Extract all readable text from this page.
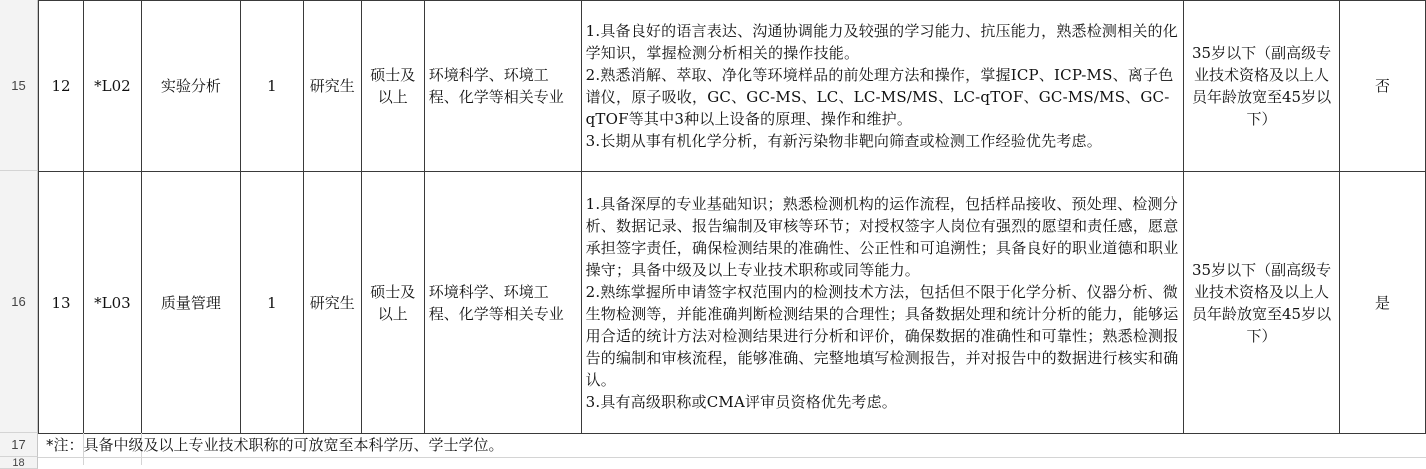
15
16
17
18
12	*L02	实验分析	1	研究生	硕士及以上	环境科学、环境工程、化学等相关专业	1.具备良好的语言表达、沟通协调能力及较强的学习能力、抗压能力，熟悉检测相关的化学知识，掌握检测分析相关的操作技能。
2.熟悉消解、萃取、净化等环境样品的前处理方法和操作，掌握ICP、ICP-MS、离子色谱仪，原子吸收，GC、GC-MS、LC、LC-MS/MS、LC-qTOF、GC-MS/MS、GC-qTOF等其中3种以上设备的原理、操作和维护。
3.长期从事有机化学分析，有新污染物非靶向筛查或检测工作经验优先考虑。	35岁以下（副高级专业技术资格及以上人员年龄放宽至45岁以下）	否
13	*L03	质量管理	1	研究生	硕士及以上	环境科学、环境工程、化学等相关专业	1.具备深厚的专业基础知识；熟悉检测机构的运作流程，包括样品接收、预处理、检测分析、数据记录、报告编制及审核等环节；对授权签字人岗位有强烈的愿望和责任感，愿意承担签字责任，确保检测结果的准确性、公正性和可追溯性；具备良好的职业道德和职业操守；具备中级及以上专业技术职称或同等能力。
2.熟练掌握所申请签字权范围内的检测技术方法，包括但不限于化学分析、仪器分析、微生物检测等，并能准确判断检测结果的合理性；具备数据处理和统计分析的能力，能够运用合适的统计方法对检测结果进行分析和评价，确保数据的准确性和可靠性；熟悉检测报告的编制和审核流程，能够准确、完整地填写检测报告，并对报告中的数据进行核实和确认。
3.具有高级职称或CMA评审员资格优先考虑。	35岁以下（副高级专业技术资格及以上人员年龄放宽至45岁以下）	是
*注：具备中级及以上专业技术职称的可放宽至本科学历、学士学位。
